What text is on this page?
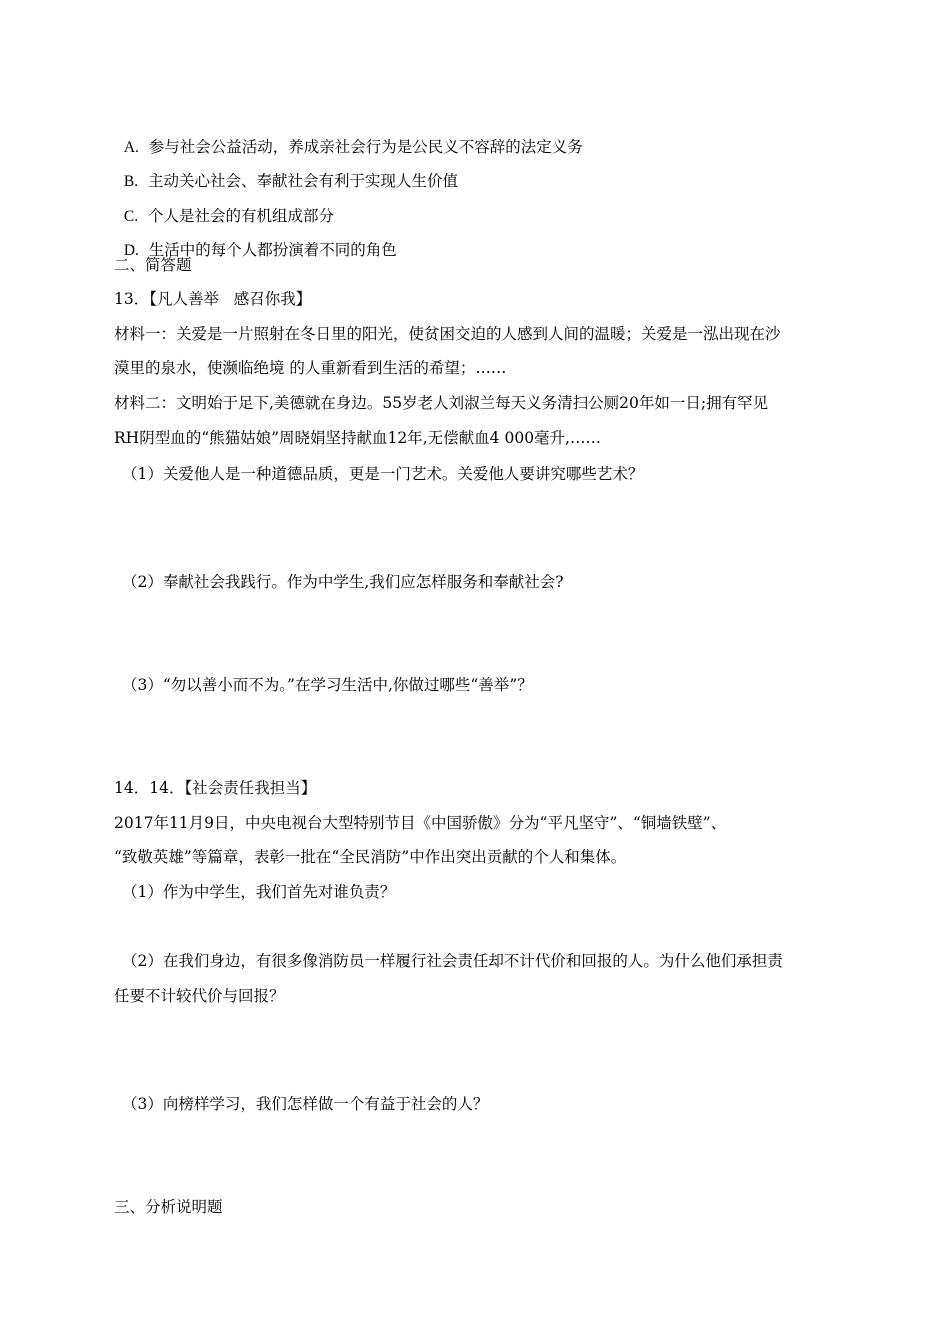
A. 参与社会公益活动，养成亲社会行为是公民义不容辞的法定义务

B. 主动关心社会、奉献社会有利于实现人生价值

C. 个人是社会的有机组成部分

D. 生活中的每个人都扮演着不同的角色

二、简答题
13．【凡人善举   感召你我】
材料一：关爱是一片照射在冬日里的阳光，使贫困交迫的人感到人间的温暖；关爱是一泓出现在沙
漠里的泉水，使濒临绝境 的人重新看到生活的希望；……
材料二：文明始于足下,美德就在身边。55岁老人刘淑兰每天义务清扫公厕20年如一日;拥有罕见
RH阴型血的“熊猫姑娘”周晓娟坚持献血12年,无偿献血4 000毫升,……
（1）关爱他人是一种道德品质，更是一门艺术。关爱他人要讲究哪些艺术？
（2）奉献社会我践行。作为中学生,我们应怎样服务和奉献社会?
（3）“勿以善小而不为。”在学习生活中,你做过哪些“善举”？
14．14．【社会责任我担当】
2017年11月9日，中央电视台大型特别节目《中国骄傲》分为“平凡坚守”、“铜墙铁壁”、
“致敬英雄”等篇章，表彰一批在“全民消防”中作出突出贡献的个人和集体。
（1）作为中学生，我们首先对谁负责？
（2）在我们身边，有很多像消防员一样履行社会责任却不计代价和回报的人。为什么他们承担责
任要不计较代价与回报？
（3）向榜样学习，我们怎样做一个有益于社会的人？
三、分析说明题
